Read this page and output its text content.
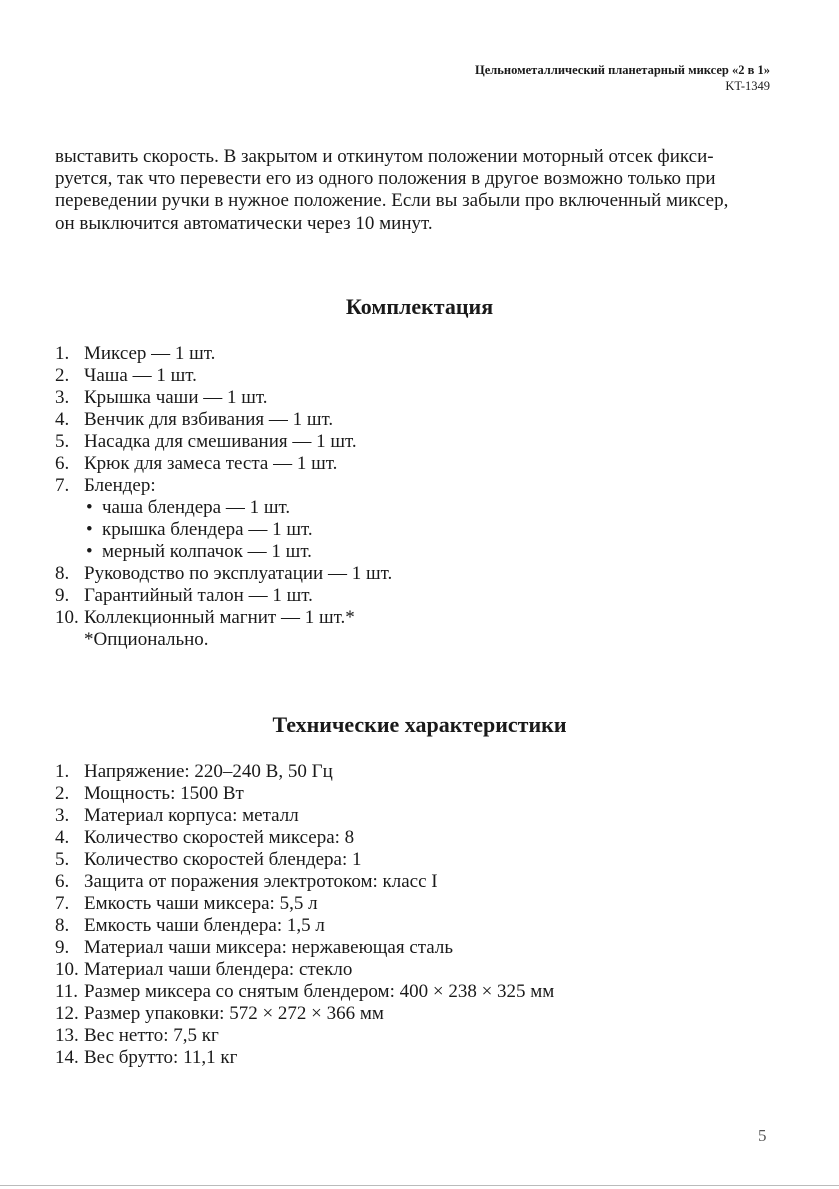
Цельнометаллический планетарный миксер «2 в 1»
KT-1349

выставить скорость. В закрытом и откинутом положении моторный отсек фикси-
руется, так что перевести его из одного положения в другое возможно только при
переведении ручки в нужное положение. Если вы забыли про включенный миксер,
он выключится автоматически через 10 минут.

Комплектация
1. Миксер — 1 шт.
2. Чаша — 1 шт.
3. Крышка чаши — 1 шт.
4. Венчик для взбивания — 1 шт.
5. Насадка для смешивания — 1 шт.
6. Крюк для замеса теста — 1 шт.
7. Блендер:
• чаша блендера — 1 шт.
• крышка блендера — 1 шт.
• мерный колпачок — 1 шт.
8. Руководство по эксплуатации — 1 шт.
9. Гарантийный талон — 1 шт.
10. Коллекционный магнит — 1 шт.*
*Опционально.
Технические характеристики
1. Напряжение: 220–240 В, 50 Гц
2. Мощность: 1500 Вт
3. Материал корпуса: металл
4. Количество скоростей миксера: 8
5. Количество скоростей блендера: 1
6. Защита от поражения электротоком: класс I
7. Емкость чаши миксера: 5,5 л
8. Емкость чаши блендера: 1,5 л
9. Материал чаши миксера: нержавеющая сталь
10. Материал чаши блендера: стекло
11. Размер миксера со снятым блендером: 400 × 238 × 325 мм
12. Размер упаковки: 572 × 272 × 366 мм
13. Вес нетто: 7,5 кг
14. Вес брутто: 11,1 кг
5
